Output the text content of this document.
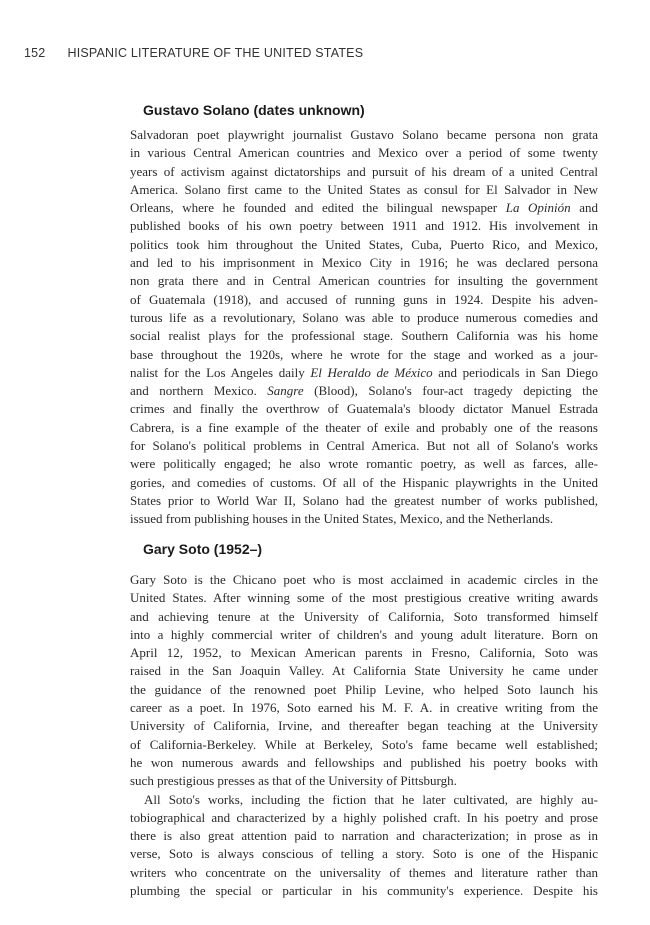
152 HISPANIC LITERATURE OF THE UNITED STATES
Gustavo Solano (dates unknown)
Salvadoran poet playwright journalist Gustavo Solano became persona non grata
in various Central American countries and Mexico over a period of some twenty
years of activism against dictatorships and pursuit of his dream of a united Central
America. Solano first came to the United States as consul for El Salvador in New
Orleans, where he founded and edited the bilingual newspaper La Opinión and
published books of his own poetry between 1911 and 1912. His involvement in
politics took him throughout the United States, Cuba, Puerto Rico, and Mexico,
and led to his imprisonment in Mexico City in 1916; he was declared persona
non grata there and in Central American countries for insulting the government
of Guatemala (1918), and accused of running guns in 1924. Despite his adven-
turous life as a revolutionary, Solano was able to produce numerous comedies and
social realist plays for the professional stage. Southern California was his home
base throughout the 1920s, where he wrote for the stage and worked as a jour-
nalist for the Los Angeles daily El Heraldo de México and periodicals in San Diego
and northern Mexico. Sangre (Blood), Solano's four-act tragedy depicting the
crimes and finally the overthrow of Guatemala's bloody dictator Manuel Estrada
Cabrera, is a fine example of the theater of exile and probably one of the reasons
for Solano's political problems in Central America. But not all of Solano's works
were politically engaged; he also wrote romantic poetry, as well as farces, alle-
gories, and comedies of customs. Of all of the Hispanic playwrights in the United
States prior to World War II, Solano had the greatest number of works published,
issued from publishing houses in the United States, Mexico, and the Netherlands.
Gary Soto (1952–)
Gary Soto is the Chicano poet who is most acclaimed in academic circles in the
United States. After winning some of the most prestigious creative writing awards
and achieving tenure at the University of California, Soto transformed himself
into a highly commercial writer of children's and young adult literature. Born on
April 12, 1952, to Mexican American parents in Fresno, California, Soto was
raised in the San Joaquin Valley. At California State University he came under
the guidance of the renowned poet Philip Levine, who helped Soto launch his
career as a poet. In 1976, Soto earned his M. F. A. in creative writing from the
University of California, Irvine, and thereafter began teaching at the University
of California-Berkeley. While at Berkeley, Soto's fame became well established;
he won numerous awards and fellowships and published his poetry books with
such prestigious presses as that of the University of Pittsburgh.
All Soto's works, including the fiction that he later cultivated, are highly au-
tobiographical and characterized by a highly polished craft. In his poetry and prose
there is also great attention paid to narration and characterization; in prose as in
verse, Soto is always conscious of telling a story. Soto is one of the Hispanic
writers who concentrate on the universality of themes and literature rather than
plumbing the special or particular in his community's experience. Despite his
